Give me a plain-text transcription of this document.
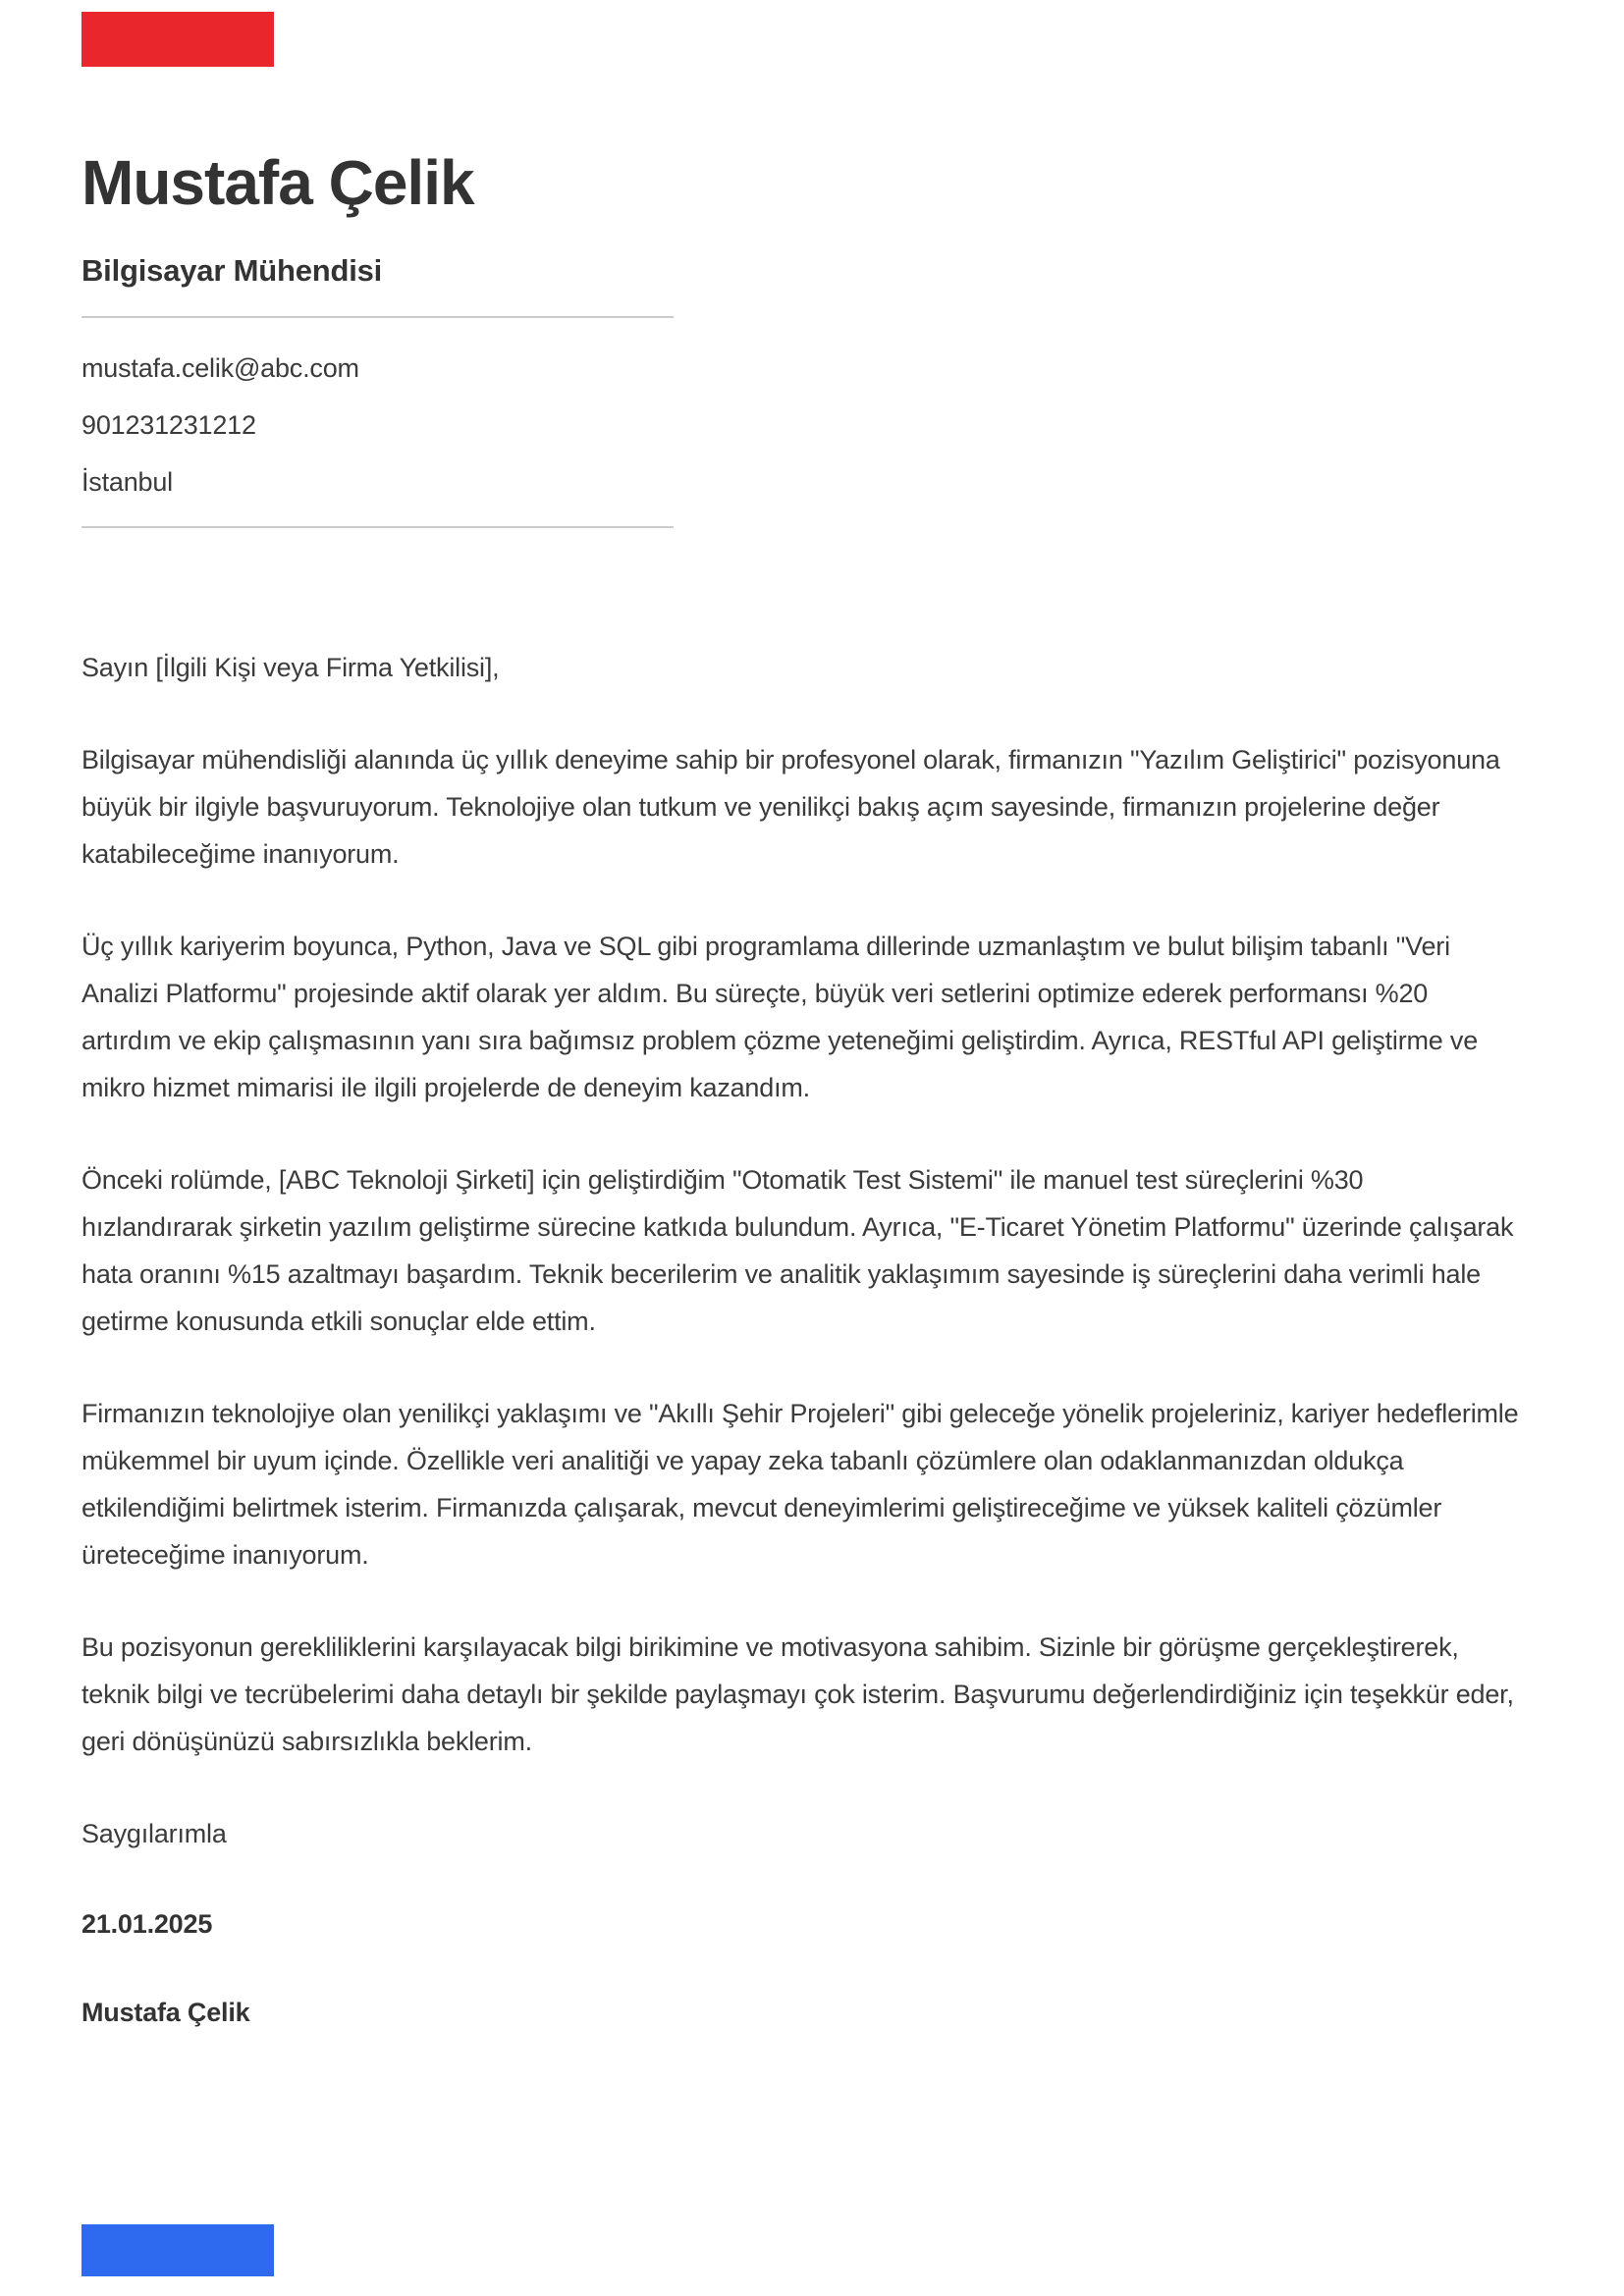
Mustafa Çelik
Bilgisayar Mühendisi
mustafa.celik@abc.com
901231231212
İstanbul

Sayın [İlgili Kişi veya Firma Yetkilisi],

Bilgisayar mühendisliği alanında üç yıllık deneyime sahip bir profesyonel olarak, firmanızın "Yazılım Geliştirici" pozisyonuna büyük bir ilgiyle başvuruyorum. Teknolojiye olan tutkum ve yenilikçi bakış açım sayesinde, firmanızın projelerine değer katabileceğime inanıyorum.

Üç yıllık kariyerim boyunca, Python, Java ve SQL gibi programlama dillerinde uzmanlaştım ve bulut bilişim tabanlı "Veri Analizi Platformu" projesinde aktif olarak yer aldım. Bu süreçte, büyük veri setlerini optimize ederek performansı %20 artırdım ve ekip çalışmasının yanı sıra bağımsız problem çözme yeteneğimi geliştirdim. Ayrıca, RESTful API geliştirme ve mikro hizmet mimarisi ile ilgili projelerde de deneyim kazandım.

Önceki rolümde, [ABC Teknoloji Şirketi] için geliştirdiğim "Otomatik Test Sistemi" ile manuel test süreçlerini %30 hızlandırarak şirketin yazılım geliştirme sürecine katkıda bulundum. Ayrıca, "E-Ticaret Yönetim Platformu" üzerinde çalışarak hata oranını %15 azaltmayı başardım. Teknik becerilerim ve analitik yaklaşımım sayesinde iş süreçlerini daha verimli hale getirme konusunda etkili sonuçlar elde ettim.

Firmanızın teknolojiye olan yenilikçi yaklaşımı ve "Akıllı Şehir Projeleri" gibi geleceğe yönelik projeleriniz, kariyer hedeflerimle mükemmel bir uyum içinde. Özellikle veri analitiği ve yapay zeka tabanlı çözümlere olan odaklanmanızdan oldukça etkilendiğimi belirtmek isterim. Firmanızda çalışarak, mevcut deneyimlerimi geliştireceğime ve yüksek kaliteli çözümler üreteceğime inanıyorum.

Bu pozisyonun gerekliliklerini karşılayacak bilgi birikimine ve motivasyona sahibim. Sizinle bir görüşme gerçekleştirerek, teknik bilgi ve tecrübelerimi daha detaylı bir şekilde paylaşmayı çok isterim. Başvurumu değerlendirdiğiniz için teşekkür eder, geri dönüşünüzü sabırsızlıkla beklerim.

Saygılarımla

21.01.2025

Mustafa Çelik
